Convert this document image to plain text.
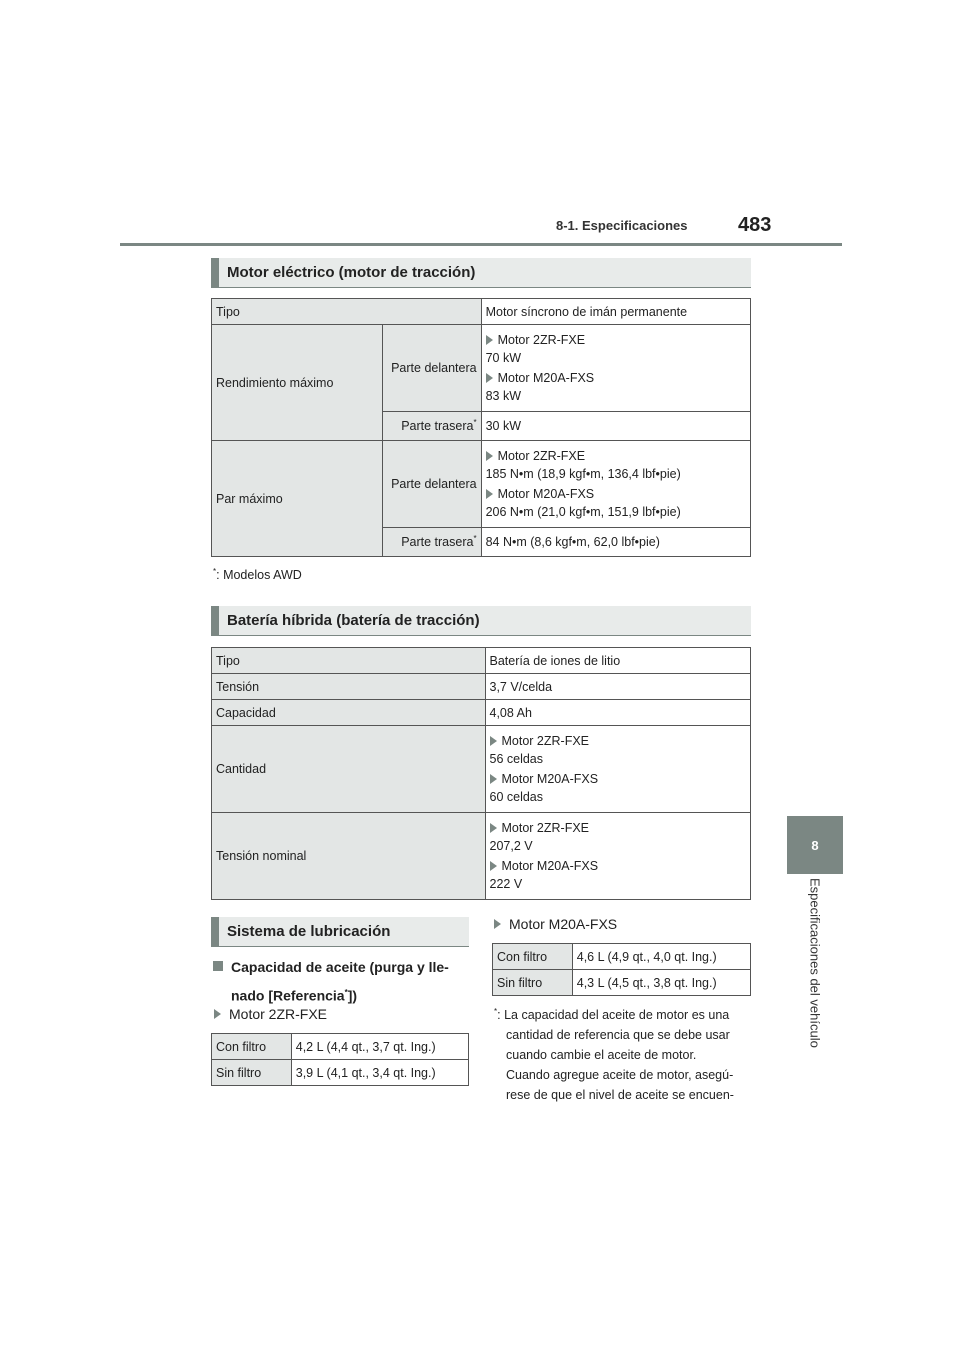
8-1. Especificaciones	483
8
Especificaciones del vehículo
Motor eléctrico (motor de tracción)
Tipo		Motor síncrono de imán permanente
Rendimiento máximo	Parte delantera	Motor 2ZR-FXE
70 kW
Motor M20A-FXS
83 kW

	Parte trasera*	30 kW
Par máximo	Parte delantera	Motor 2ZR-FXE
185 N•m (18,9 kgf•m, 136,4 lbf•pie)
Motor M20A-FXS
206 N•m (21,0 kgf•m, 151,9 lbf•pie)

	Parte trasera*	84 N•m (8,6 kgf•m, 62,0 lbf•pie)
*: Modelos AWD
Batería híbrida (batería de tracción)
Tipo	Batería de iones de litio
Tensión	3,7 V/celda
Capacidad	4,08 Ah
Cantidad	Motor 2ZR-FXE
56 celdas
Motor M20A-FXS
60 celdas

Tensión nominal	Motor 2ZR-FXE
207,2 V
Motor M20A-FXS
222 V
Sistema de lubricación
Capacidad de aceite (purga y lle-
nado [Referencia*])
Motor 2ZR-FXE
Con filtro	4,2 L (4,4 qt., 3,7 qt. Ing.)
Sin filtro	3,9 L (4,1 qt., 3,4 qt. Ing.)
Motor M20A-FXS
Con filtro	4,6 L (4,9 qt., 4,0 qt. Ing.)
Sin filtro	4,3 L (4,5 qt., 3,8 qt. Ing.)
*: La capacidad del aceite de motor es una
cantidad de referencia que se debe usar
cuando cambie el aceite de motor.
Cuando agregue aceite de motor, asegú-
rese de que el nivel de aceite se encuen-
